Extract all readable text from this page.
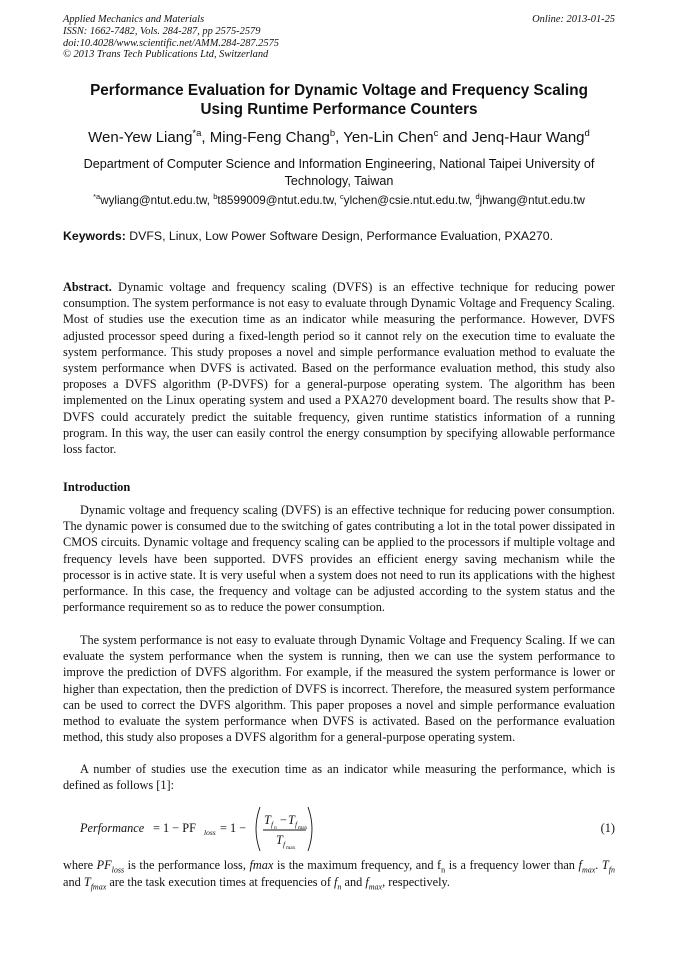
Applied Mechanics and Materials
ISSN: 1662-7482, Vols. 284-287, pp 2575-2579
doi:10.4028/www.scientific.net/AMM.284-287.2575
© 2013 Trans Tech Publications Ltd, Switzerland
Online: 2013-01-25
Performance Evaluation for Dynamic Voltage and Frequency Scaling
Using Runtime Performance Counters
Wen-Yew Liang$^{*a}$, Ming-Feng Chang$^b$, Yen-Lin Chen$^c$ and Jenq-Haur Wang$^d$
Department of Computer Science and Information Engineering, National Taipei University of Technology, Taiwan
$^{*a}$wyliang@ntut.edu.tw, $^b$t8599009@ntut.edu.tw, $^c$ylchen@csie.ntut.edu.tw, $^d$jhwang@ntut.edu.tw
Keywords: DVFS, Linux, Low Power Software Design, Performance Evaluation, PXA270.
Abstract. Dynamic voltage and frequency scaling (DVFS) is an effective technique for reducing power consumption. The system performance is not easy to evaluate through Dynamic Voltage and Frequency Scaling. Most of studies use the execution time as an indicator while measuring the performance. However, DVFS adjusted processor speed during a fixed-length period so it cannot rely on the execution time to evaluate the system performance. This study proposes a novel and simple performance evaluation method to evaluate the system performance when DVFS is activated. Based on the performance evaluation method, this study also proposes a DVFS algorithm (P-DVFS) for a general-purpose operating system. The algorithm has been implemented on the Linux operating system and used a PXA270 development board. The results show that P-DVFS could accurately predict the suitable frequency, given runtime statistics information of a running program. In this way, the user can easily control the energy consumption by specifying allowable performance loss factor.
Introduction
Dynamic voltage and frequency scaling (DVFS) is an effective technique for reducing power consumption. The dynamic power is consumed due to the switching of gates contributing a lot in the total power dissipated in CMOS circuits. Dynamic voltage and frequency scaling can be applied to the processors if multiple voltage and frequency levels have been supported. DVFS provides an efficient energy saving mechanism while the processor is in active state. It is very useful when a system does not need to run its applications with the highest performance. In this case, the frequency and voltage can be adjusted according to the system status and the performance requirement so as to reduce the power consumption.
The system performance is not easy to evaluate through Dynamic Voltage and Frequency Scaling. If we can evaluate the system performance when the system is running, then we can use the system performance to improve the prediction of DVFS algorithm. For example, if the measured the system performance is lower or higher than expectation, then the prediction of DVFS is incorrect. Therefore, the measured system performance can be used to correct the DVFS algorithm. This paper proposes a novel and simple performance evaluation method to evaluate the system performance when DVFS is activated. Based on the performance evaluation method, this study also proposes a DVFS algorithm for a general-purpose operating system.
A number of studies use the execution time as an indicator while measuring the performance, which is defined as follows [1]:
Performance = 1 − PF loss = 1 −
T f n
− T f max
T f max
(1)
where $PF_{loss}$ is the performance loss, fmax is the maximum frequency, and $f_n$ is a frequency lower than $f_{max}$. $T_{fn}$ and $T_{fmax}$ are the task execution times at frequencies of $f_n$ and $f_{max}$, respectively.
